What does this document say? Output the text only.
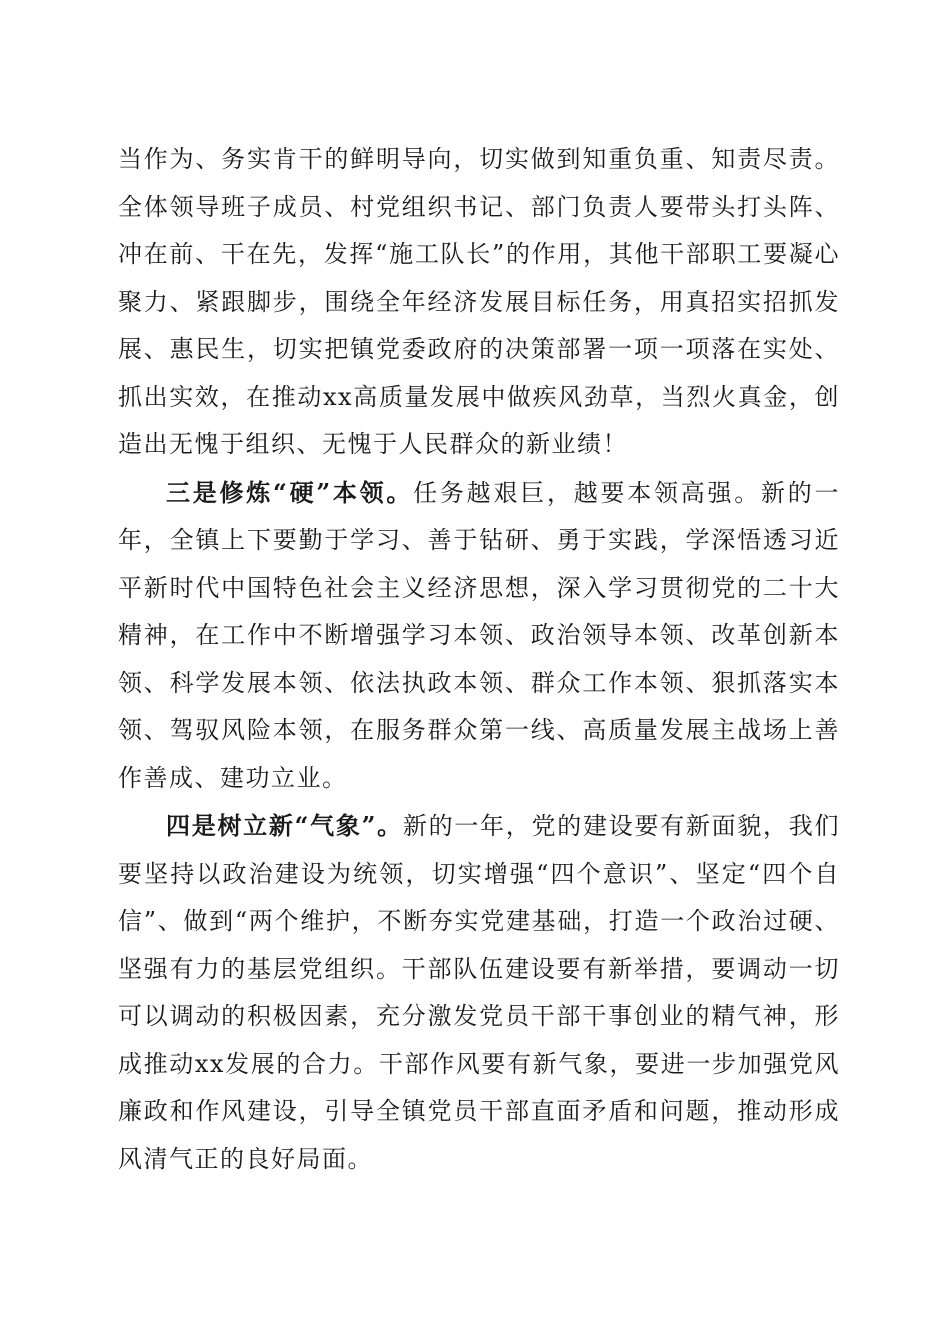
当作为、务实肯干的鲜明导向，切实做到知重负重、知责尽责。全体领导班子成员、村党组织书记、部门负责人要带头打头阵、冲在前、干在先，发挥“施工队长”的作用，其他干部职工要凝心聚力、紧跟脚步，围绕全年经济发展目标任务，用真招实招抓发展、惠民生，切实把镇党委政府的决策部署一项一项落在实处、抓出实效，在推动xx高质量发展中做疾风劲草，当烈火真金，创造出无愧于组织、无愧于人民群众的新业绩！

三是修炼“硬”本领。任务越艰巨，越要本领高强。新的一年，全镇上下要勤于学习、善于钻研、勇于实践，学深悟透习近平新时代中国特色社会主义经济思想，深入学习贯彻党的二十大精神，在工作中不断增强学习本领、政治领导本领、改革创新本领、科学发展本领、依法执政本领、群众工作本领、狠抓落实本领、驾驭风险本领，在服务群众第一线、高质量发展主战场上善作善成、建功立业。

四是树立新“气象”。新的一年，党的建设要有新面貌，我们要坚持以政治建设为统领，切实增强“四个意识”、坚定“四个自信”、做到“两个维护，不断夯实党建基础，打造一个政治过硬、坚强有力的基层党组织。干部队伍建设要有新举措，要调动一切可以调动的积极因素，充分激发党员干部干事创业的精气神，形成推动xx发展的合力。干部作风要有新气象，要进一步加强党风廉政和作风建设，引导全镇党员干部直面矛盾和问题，推动形成风清气正的良好局面。
